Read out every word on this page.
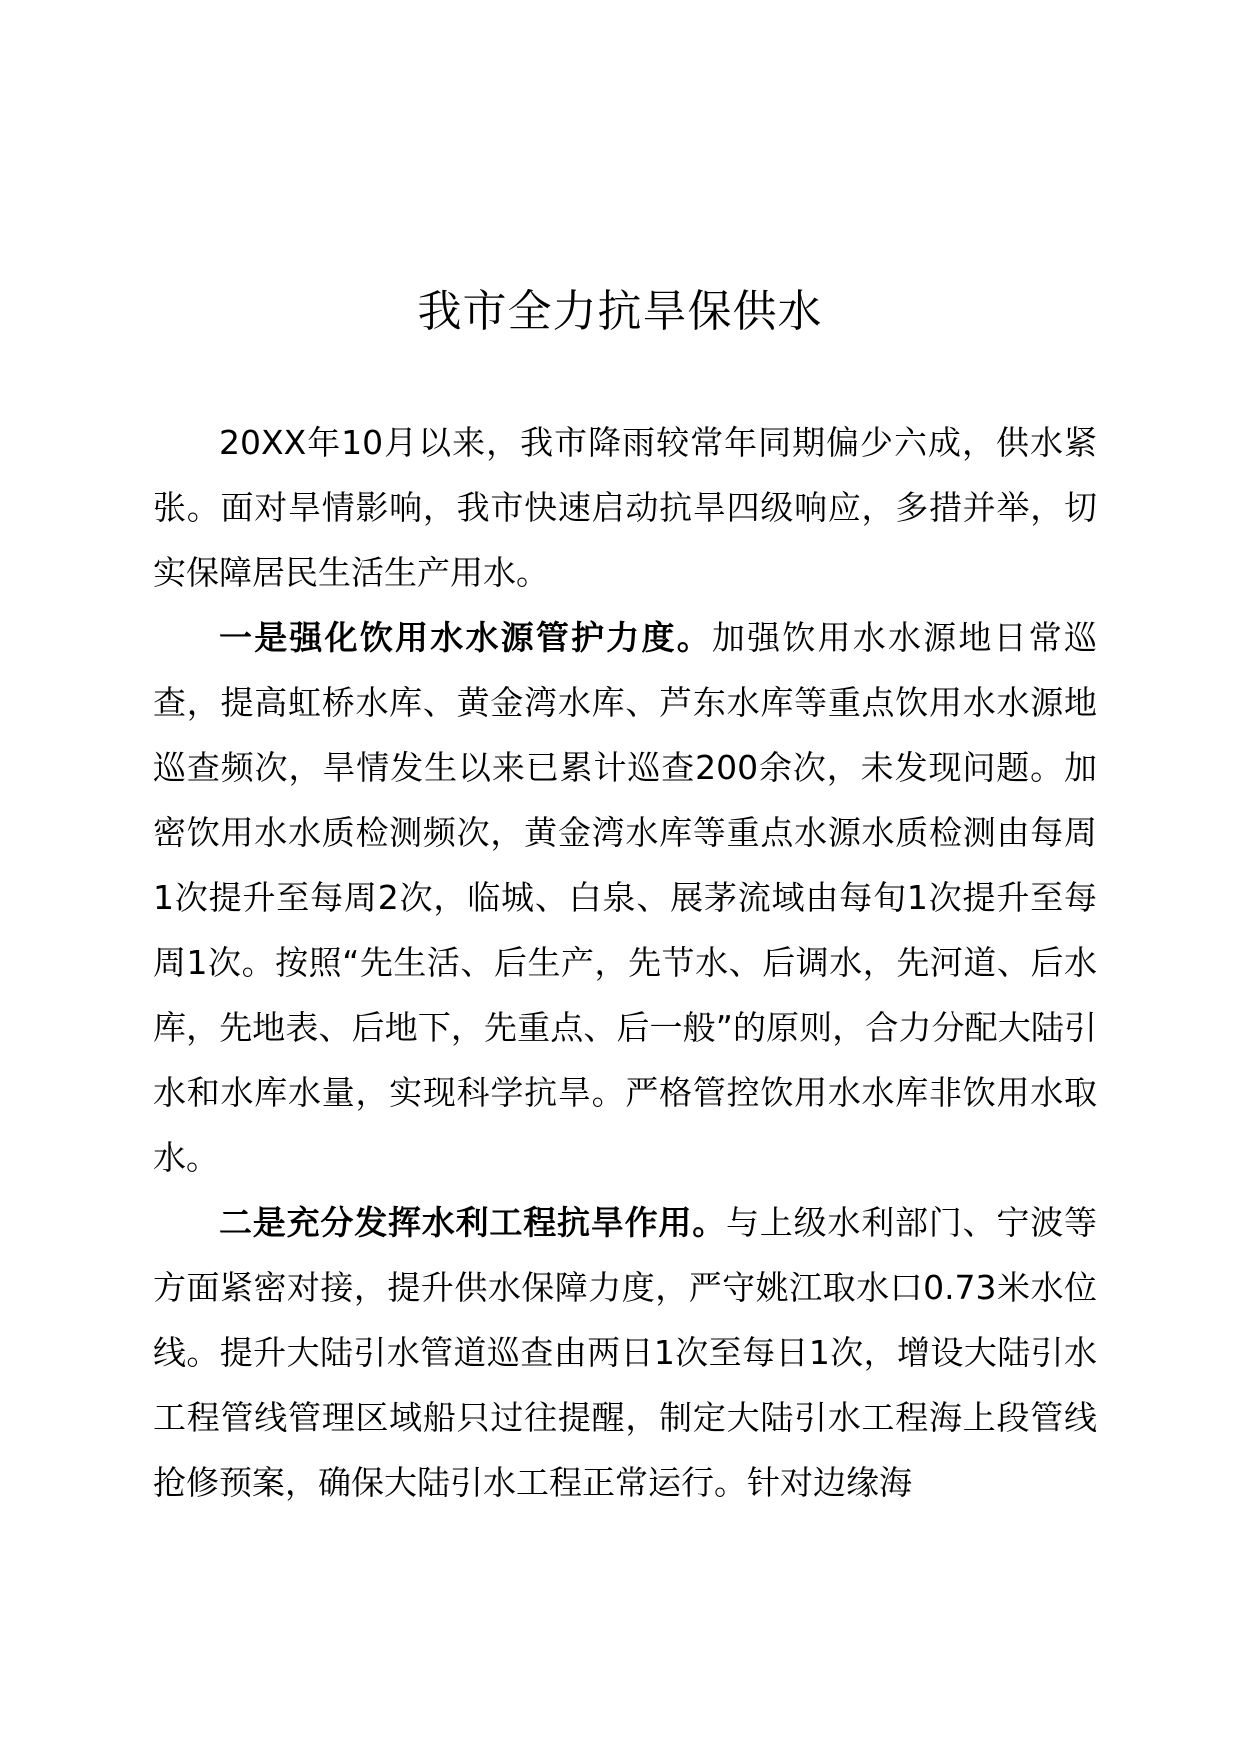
我市全力抗旱保供水

20XX年10月以来，我市降雨较常年同期偏少六成，供水紧张。面对旱情影响，我市快速启动抗旱四级响应，多措并举，切实保障居民生活生产用水。

一是强化饮用水水源管护力度。加强饮用水水源地日常巡查，提高虹桥水库、黄金湾水库、芦东水库等重点饮用水水源地巡查频次，旱情发生以来已累计巡查200余次，未发现问题。加密饮用水水质检测频次，黄金湾水库等重点水源水质检测由每周1次提升至每周2次，临城、白泉、展茅流域由每旬1次提升至每周1次。按照“先生活、后生产，先节水、后调水，先河道、后水库，先地表、后地下，先重点、后一般”的原则，合力分配大陆引水和水库水量，实现科学抗旱。严格管控饮用水水库非饮用水取水。

二是充分发挥水利工程抗旱作用。与上级水利部门、宁波等方面紧密对接，提升供水保障力度，严守姚江取水口0.73米水位线。提升大陆引水管道巡查由两日1次至每日1次，增设大陆引水工程管线管理区域船只过往提醒，制定大陆引水工程海上段管线抢修预案，确保大陆引水工程正常运行。针对边缘海
